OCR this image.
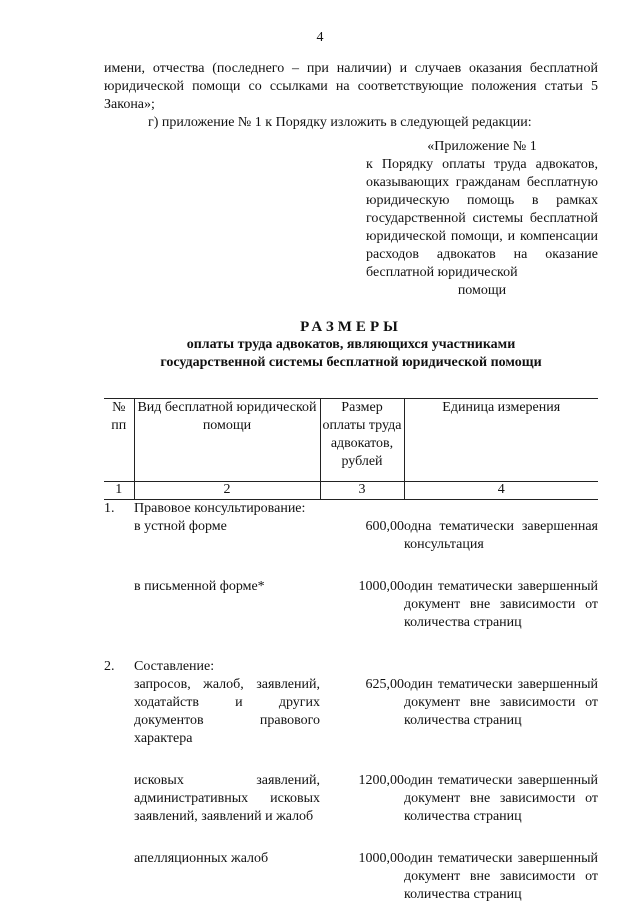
4
имени, отчества (последнего – при наличии) и случаев оказания бесплатной юридической помощи со ссылками на соответствующие положения статьи 5 Закона»;
г) приложение № 1 к Порядку изложить в следующей редакции:
«Приложение № 1
к Порядку оплаты труда адвокатов, оказывающих гражданам бесплатную юридическую помощь в рамках государственной системы бесплатной юридической помощи, и компенсации расходов адвокатов на оказание бесплатной юридической
помощи
РАЗМЕРЫ
оплаты труда адвокатов, являющихся участниками
государственной системы бесплатной юридической помощи
№ пп	Вид бесплатной юридической помощи	Размер оплаты труда адвокатов, рублей	Единица измерения
1	2	3	4
1.	Правовое консультирование:		
	в устной форме	600,00	одна тематически завершенная консультация

	в письменной форме*	1000,00	один тематически завершенный документ вне зависимости от количества страниц

2.	Составление:		
	запросов, жалоб, заявлений, ходатайств и других документов правового характера	625,00	один тематически завершенный документ вне зависимости от количества страниц

	исковых заявлений, административных исковых заявлений, заявлений и жалоб	1200,00	один тематически завершенный документ вне зависимости от количества страниц

	апелляционных жалоб	1000,00	один тематически завершенный документ вне зависимости от количества страниц
